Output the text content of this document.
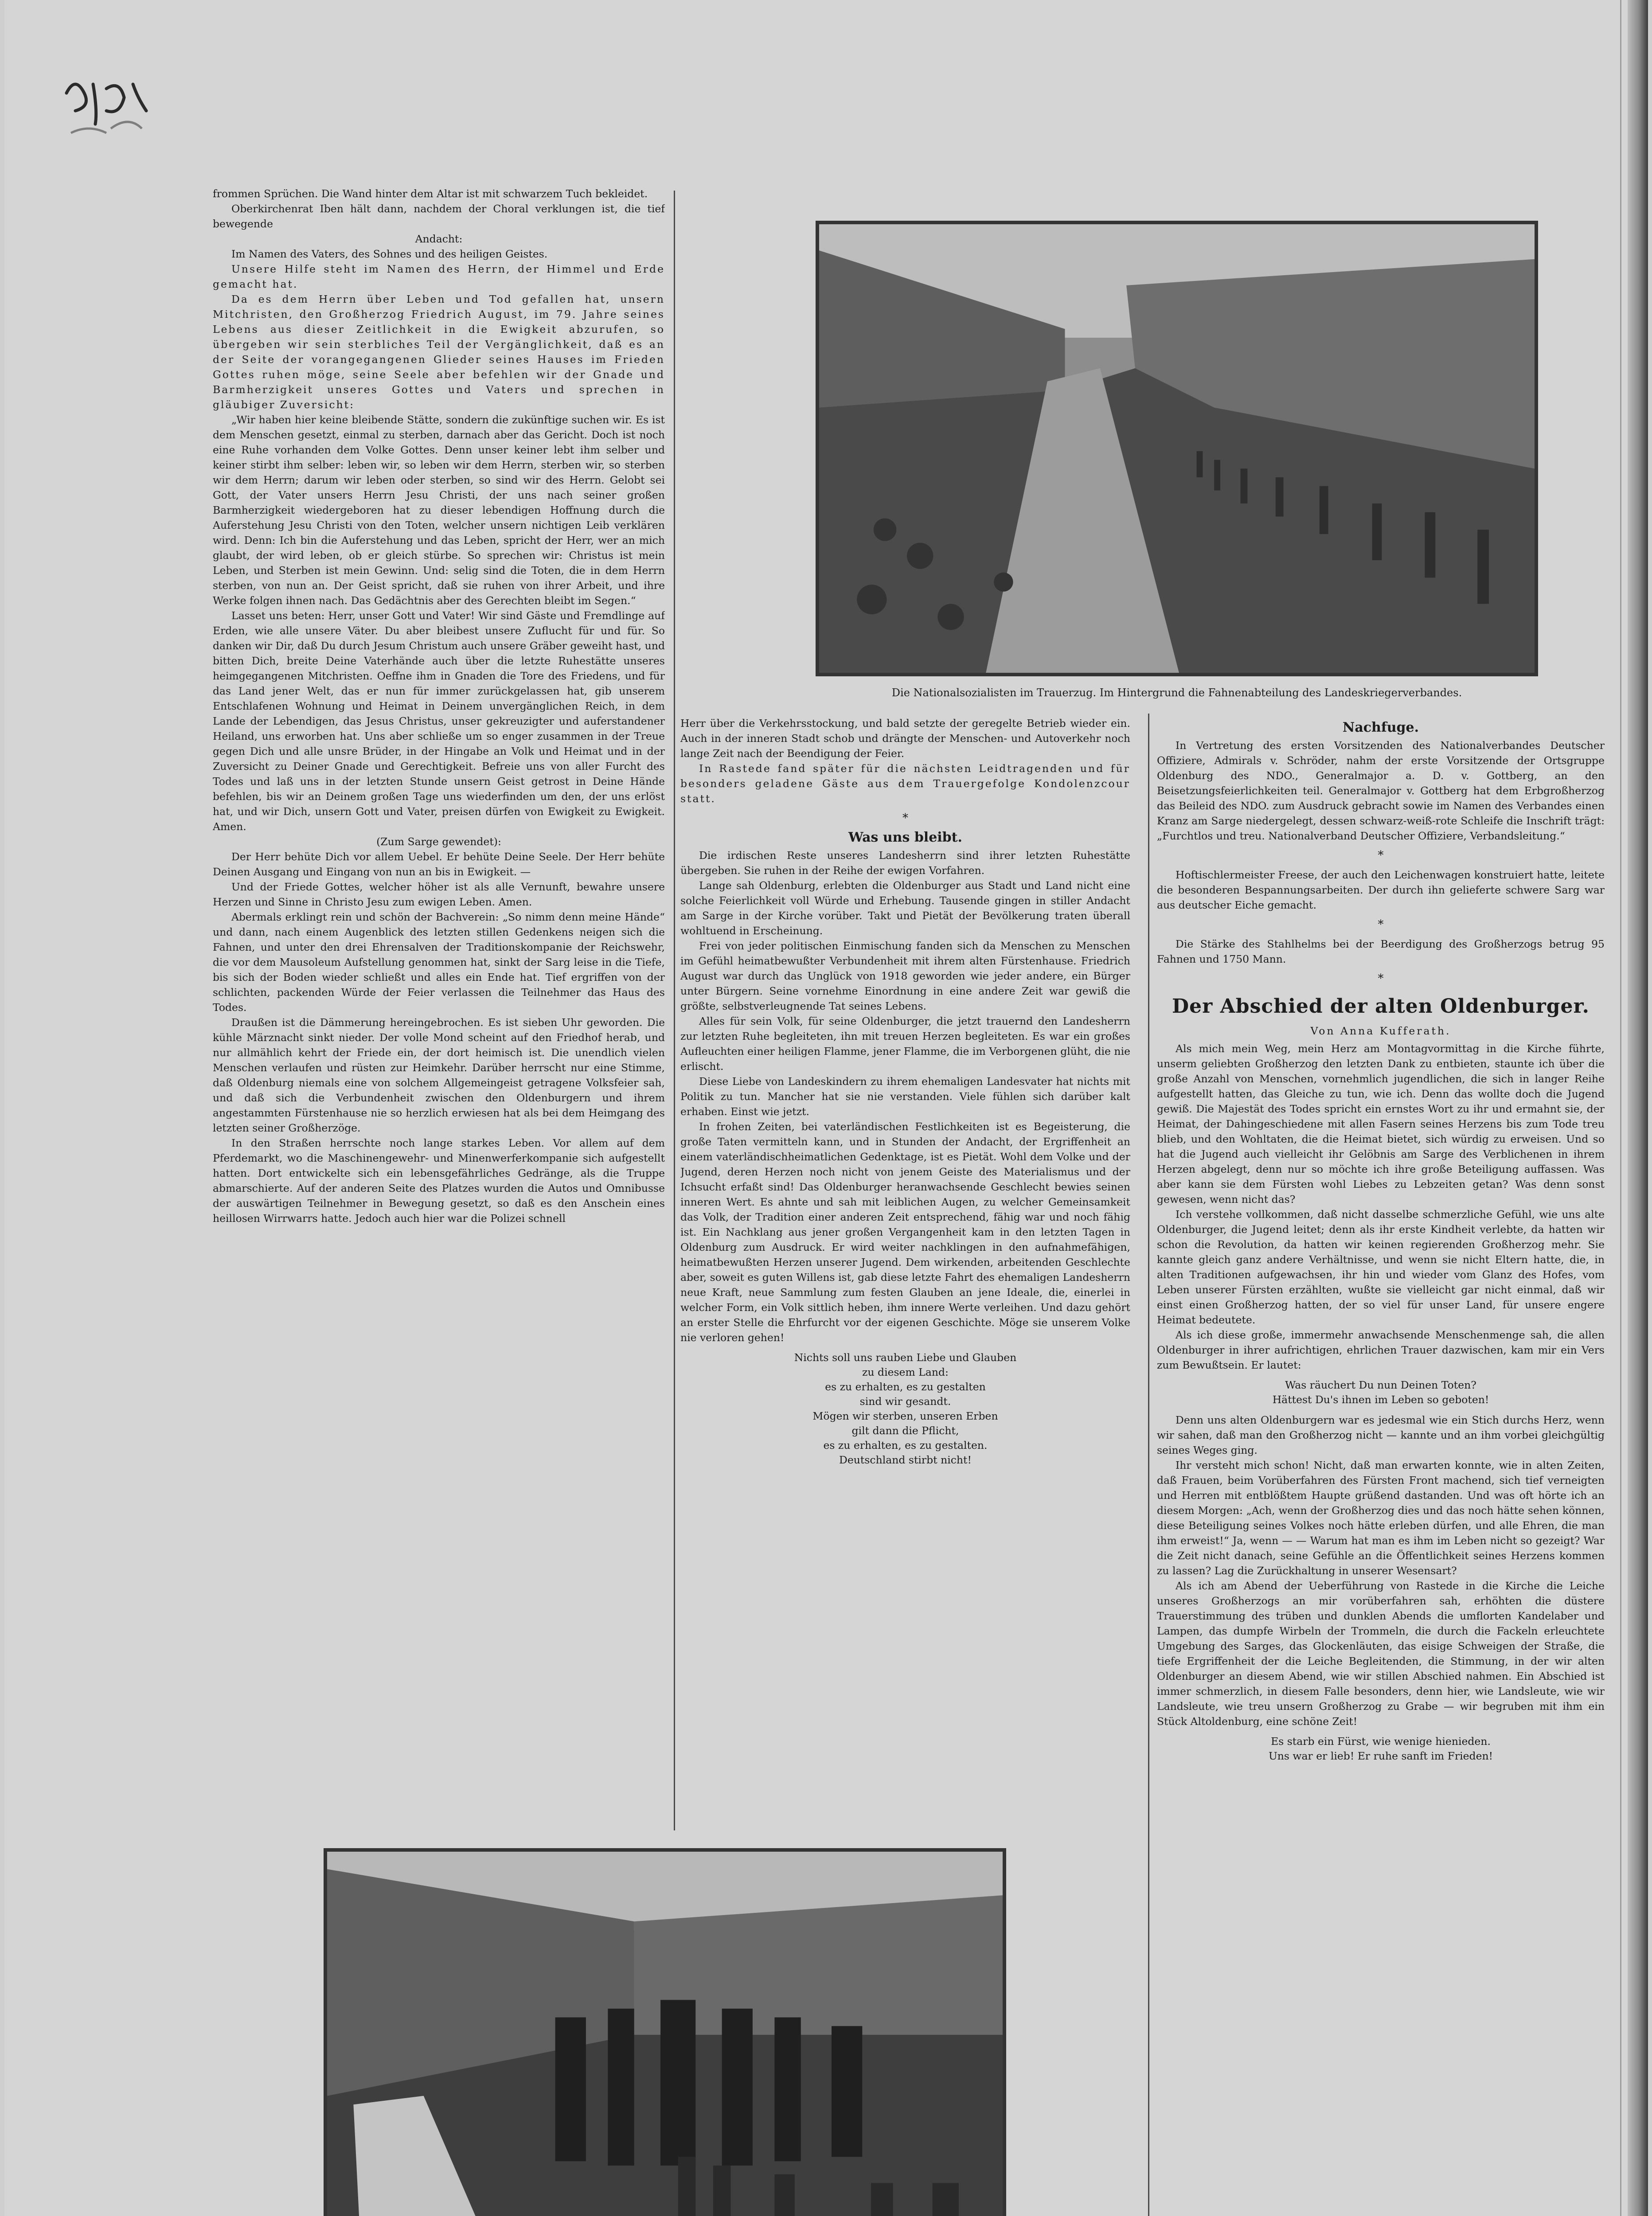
frommen Sprüchen. Die Wand hinter dem Altar ist mit schwarzem Tuch bekleidet.

Oberkirchenrat Iben hält dann, nachdem der Choral verklungen ist, die tief bewegende

Andacht:

Im Namen des Vaters, des Sohnes und des heiligen Geistes.

Unsere Hilfe steht im Namen des Herrn, der Himmel und Erde gemacht hat.

Da es dem Herrn über Leben und Tod gefallen hat, unsern Mitchristen, den Großherzog Friedrich August, im 79. Jahre seines Lebens aus dieser Zeitlichkeit in die Ewigkeit abzurufen, so übergeben wir sein sterbliches Teil der Vergänglichkeit, daß es an der Seite der vorangegangenen Glieder seines Hauses im Frieden Gottes ruhen möge, seine Seele aber befehlen wir der Gnade und Barmherzigkeit unseres Gottes und Vaters und sprechen in gläubiger Zuversicht:

„Wir haben hier keine bleibende Stätte, sondern die zukünftige suchen wir. Es ist dem Menschen gesetzt, einmal zu sterben, darnach aber das Gericht. Doch ist noch eine Ruhe vorhanden dem Volke Gottes. Denn unser keiner lebt ihm selber und keiner stirbt ihm selber: leben wir, so leben wir dem Herrn, sterben wir, so sterben wir dem Herrn; darum wir leben oder sterben, so sind wir des Herrn. Gelobt sei Gott, der Vater unsers Herrn Jesu Christi, der uns nach seiner großen Barmherzigkeit wiedergeboren hat zu dieser lebendigen Hoffnung durch die Auferstehung Jesu Christi von den Toten, welcher unsern nichtigen Leib verklären wird. Denn: Ich bin die Auferstehung und das Leben, spricht der Herr, wer an mich glaubt, der wird leben, ob er gleich stürbe. So sprechen wir: Christus ist mein Leben, und Sterben ist mein Gewinn. Und: selig sind die Toten, die in dem Herrn sterben, von nun an. Der Geist spricht, daß sie ruhen von ihrer Arbeit, und ihre Werke folgen ihnen nach. Das Gedächtnis aber des Gerechten bleibt im Segen.“

Lasset uns beten: Herr, unser Gott und Vater! Wir sind Gäste und Fremdlinge auf Erden, wie alle unsere Väter. Du aber bleibest unsere Zuflucht für und für. So danken wir Dir, daß Du durch Jesum Christum auch unsere Gräber geweiht hast, und bitten Dich, breite Deine Vaterhände auch über die letzte Ruhestätte unseres heimgegangenen Mitchristen. Oeffne ihm in Gnaden die Tore des Friedens, und für das Land jener Welt, das er nun für immer zurückgelassen hat, gib unserem Entschlafenen Wohnung und Heimat in Deinem unvergänglichen Reich, in dem Lande der Lebendigen, das Jesus Christus, unser gekreuzigter und auferstandener Heiland, uns erworben hat. Uns aber schließe um so enger zusammen in der Treue gegen Dich und alle unsre Brüder, in der Hingabe an Volk und Heimat und in der Zuversicht zu Deiner Gnade und Gerechtigkeit. Befreie uns von aller Furcht des Todes und laß uns in der letzten Stunde unsern Geist getrost in Deine Hände befehlen, bis wir an Deinem großen Tage uns wiederfinden um den, der uns erlöst hat, und wir Dich, unsern Gott und Vater, preisen dürfen von Ewigkeit zu Ewigkeit. Amen.

(Zum Sarge gewendet):

Der Herr behüte Dich vor allem Uebel. Er behüte Deine Seele. Der Herr behüte Deinen Ausgang und Eingang von nun an bis in Ewigkeit. —

Und der Friede Gottes, welcher höher ist als alle Vernunft, bewahre unsere Herzen und Sinne in Christo Jesu zum ewigen Leben. Amen.

Abermals erklingt rein und schön der Bachverein: „So nimm denn meine Hände“ und dann, nach einem Augenblick des letzten stillen Gedenkens neigen sich die Fahnen, und unter den drei Ehrensalven der Traditionskompanie der Reichswehr, die vor dem Mausoleum Aufstellung genommen hat, sinkt der Sarg leise in die Tiefe, bis sich der Boden wieder schließt und alles ein Ende hat. Tief ergriffen von der schlichten, packenden Würde der Feier verlassen die Teilnehmer das Haus des Todes.

Draußen ist die Dämmerung hereingebrochen. Es ist sieben Uhr geworden. Die kühle Märznacht sinkt nieder. Der volle Mond scheint auf den Friedhof herab, und nur allmählich kehrt der Friede ein, der dort heimisch ist. Die unendlich vielen Menschen verlaufen und rüsten zur Heimkehr. Darüber herrscht nur eine Stimme, daß Oldenburg niemals eine von solchem Allgemeingeist getragene Volksfeier sah, und daß sich die Verbundenheit zwischen den Oldenburgern und ihrem angestammten Fürstenhause nie so herzlich erwiesen hat als bei dem Heimgang des letzten seiner Großherzöge.

In den Straßen herrschte noch lange starkes Leben. Vor allem auf dem Pferdemarkt, wo die Maschinengewehr- und Minenwerferkompanie sich aufgestellt hatten. Dort entwickelte sich ein lebensgefährliches Gedränge, als die Truppe abmarschierte. Auf der anderen Seite des Platzes wurden die Autos und Omnibusse der auswärtigen Teilnehmer in Bewegung gesetzt, so daß es den Anschein eines heillosen Wirrwarrs hatte. Jedoch auch hier war die Polizei schnell

Die Nationalsozialisten im Trauerzug. Im Hintergrund die Fahnenabteilung des Landeskriegerverbandes.

Herr über die Verkehrsstockung, und bald setzte der geregelte Betrieb wieder ein. Auch in der inneren Stadt schob und drängte der Menschen- und Autoverkehr noch lange Zeit nach der Beendigung der Feier.

In Rastede fand später für die nächsten Leidtragenden und für besonders geladene Gäste aus dem Trauergefolge Kondolenzcour statt.

*

Was uns bleibt.

Die irdischen Reste unseres Landesherrn sind ihrer letzten Ruhestätte übergeben. Sie ruhen in der Reihe der ewigen Vorfahren.

Lange sah Oldenburg, erlebten die Oldenburger aus Stadt und Land nicht eine solche Feierlichkeit voll Würde und Erhebung. Tausende gingen in stiller Andacht am Sarge in der Kirche vorüber. Takt und Pietät der Bevölkerung traten überall wohltuend in Erscheinung.

Frei von jeder politischen Einmischung fanden sich da Menschen zu Menschen im Gefühl heimatbewußter Verbundenheit mit ihrem alten Fürstenhause. Friedrich August war durch das Unglück von 1918 geworden wie jeder andere, ein Bürger unter Bürgern. Seine vornehme Einordnung in eine andere Zeit war gewiß die größte, selbstverleugnende Tat seines Lebens.

Alles für sein Volk, für seine Oldenburger, die jetzt trauernd den Landesherrn zur letzten Ruhe begleiteten, ihn mit treuen Herzen begleiteten. Es war ein großes Aufleuchten einer heiligen Flamme, jener Flamme, die im Verborgenen glüht, die nie erlischt.

Diese Liebe von Landeskindern zu ihrem ehemaligen Landesvater hat nichts mit Politik zu tun. Mancher hat sie nie verstanden. Viele fühlen sich darüber kalt erhaben. Einst wie jetzt.

In frohen Zeiten, bei vaterländischen Festlichkeiten ist es Begeisterung, die große Taten vermitteln kann, und in Stunden der Andacht, der Ergriffenheit an einem vaterländischheimatlichen Gedenktage, ist es Pietät. Wohl dem Volke und der Jugend, deren Herzen noch nicht von jenem Geiste des Materialismus und der Ichsucht erfaßt sind! Das Oldenburger heranwachsende Geschlecht bewies seinen inneren Wert. Es ahnte und sah mit leiblichen Augen, zu welcher Gemeinsamkeit das Volk, der Tradition einer anderen Zeit entsprechend, fähig war und noch fähig ist. Ein Nachklang aus jener großen Vergangenheit kam in den letzten Tagen in Oldenburg zum Ausdruck. Er wird weiter nachklingen in den aufnahmefähigen, heimatbewußten Herzen unserer Jugend. Dem wirkenden, arbeitenden Geschlechte aber, soweit es guten Willens ist, gab diese letzte Fahrt des ehemaligen Landesherrn neue Kraft, neue Sammlung zum festen Glauben an jene Ideale, die, einerlei in welcher Form, ein Volk sittlich heben, ihm innere Werte verleihen. Und dazu gehört an erster Stelle die Ehrfurcht vor der eigenen Geschichte. Möge sie unserem Volke nie verloren gehen!

Nichts soll uns rauben Liebe und Glauben
zu diesem Land:
es zu erhalten, es zu gestalten
sind wir gesandt.
Mögen wir sterben, unseren Erben
gilt dann die Pflicht,
es zu erhalten, es zu gestalten.
Deutschland stirbt nicht!

Nachfuge.

In Vertretung des ersten Vorsitzenden des Nationalverbandes Deutscher Offiziere, Admirals v. Schröder, nahm der erste Vorsitzende der Ortsgruppe Oldenburg des NDO., Generalmajor a. D. v. Gottberg, an den Beisetzungsfeierlichkeiten teil. Generalmajor v. Gottberg hat dem Erbgroßherzog das Beileid des NDO. zum Ausdruck gebracht sowie im Namen des Verbandes einen Kranz am Sarge niedergelegt, dessen schwarz-weiß-rote Schleife die Inschrift trägt: „Furchtlos und treu. Nationalverband Deutscher Offiziere, Verbandsleitung.“

*

Hoftischlermeister Freese, der auch den Leichenwagen konstruiert hatte, leitete die besonderen Bespannungsarbeiten. Der durch ihn gelieferte schwere Sarg war aus deutscher Eiche gemacht.

*

Die Stärke des Stahlhelms bei der Beerdigung des Großherzogs betrug 95 Fahnen und 1750 Mann.

*

Der Abschied der alten Oldenburger.

Von Anna Kufferath.

Als mich mein Weg, mein Herz am Montagvormittag in die Kirche führte, unserm geliebten Großherzog den letzten Dank zu entbieten, staunte ich über die große Anzahl von Menschen, vornehmlich jugendlichen, die sich in langer Reihe aufgestellt hatten, das Gleiche zu tun, wie ich. Denn das wollte doch die Jugend gewiß. Die Majestät des Todes spricht ein ernstes Wort zu ihr und ermahnt sie, der Heimat, der Dahingeschiedene mit allen Fasern seines Herzens bis zum Tode treu blieb, und den Wohltaten, die die Heimat bietet, sich würdig zu erweisen. Und so hat die Jugend auch vielleicht ihr Gelöbnis am Sarge des Verblichenen in ihrem Herzen abgelegt, denn nur so möchte ich ihre große Beteiligung auffassen. Was aber kann sie dem Fürsten wohl Liebes zu Lebzeiten getan? Was denn sonst gewesen, wenn nicht das?

Ich verstehe vollkommen, daß nicht dasselbe schmerzliche Gefühl, wie uns alte Oldenburger, die Jugend leitet; denn als ihr erste Kindheit verlebte, da hatten wir schon die Revolution, da hatten wir keinen regierenden Großherzog mehr. Sie kannte gleich ganz andere Verhältnisse, und wenn sie nicht Eltern hatte, die, in alten Traditionen aufgewachsen, ihr hin und wieder vom Glanz des Hofes, vom Leben unserer Fürsten erzählten, wußte sie vielleicht gar nicht einmal, daß wir einst einen Großherzog hatten, der so viel für unser Land, für unsere engere Heimat bedeutete.

Als ich diese große, immermehr anwachsende Menschenmenge sah, die allen Oldenburger in ihrer aufrichtigen, ehrlichen Trauer dazwischen, kam mir ein Vers zum Bewußtsein. Er lautet:

Was räuchert Du nun Deinen Toten?
Hättest Du's ihnen im Leben so geboten!

Denn uns alten Oldenburgern war es jedesmal wie ein Stich durchs Herz, wenn wir sahen, daß man den Großherzog nicht — kannte und an ihm vorbei gleichgültig seines Weges ging.

Ihr versteht mich schon! Nicht, daß man erwarten konnte, wie in alten Zeiten, daß Frauen, beim Vorüberfahren des Fürsten Front machend, sich tief verneigten und Herren mit entblößtem Haupte grüßend dastanden. Und was oft hörte ich an diesem Morgen: „Ach, wenn der Großherzog dies und das noch hätte sehen können, diese Beteiligung seines Volkes noch hätte erleben dürfen, und alle Ehren, die man ihm erweist!“ Ja, wenn — — Warum hat man es ihm im Leben nicht so gezeigt? War die Zeit nicht danach, seine Gefühle an die Öffentlichkeit seines Herzens kommen zu lassen? Lag die Zurückhaltung in unserer Wesensart?

Als ich am Abend der Ueberführung von Rastede in die Kirche die Leiche unseres Großherzogs an mir vorüberfahren sah, erhöhten die düstere Trauerstimmung des trüben und dunklen Abends die umflorten Kandelaber und Lampen, das dumpfe Wirbeln der Trommeln, die durch die Fackeln erleuchtete Umgebung des Sarges, das Glockenläuten, das eisige Schweigen der Straße, die tiefe Ergriffenheit der die Leiche Begleitenden, die Stimmung, in der wir alten Oldenburger an diesem Abend, wie wir stillen Abschied nahmen. Ein Abschied ist immer schmerzlich, in diesem Falle besonders, denn hier, wie Landsleute, wie wir Landsleute, wie treu unsern Großherzog zu Grabe — wir begruben mit ihm ein Stück Altoldenburg, eine schöne Zeit!

Es starb ein Fürst, wie wenige hienieden.
Uns war er lieb! Er ruhe sanft im Frieden!
